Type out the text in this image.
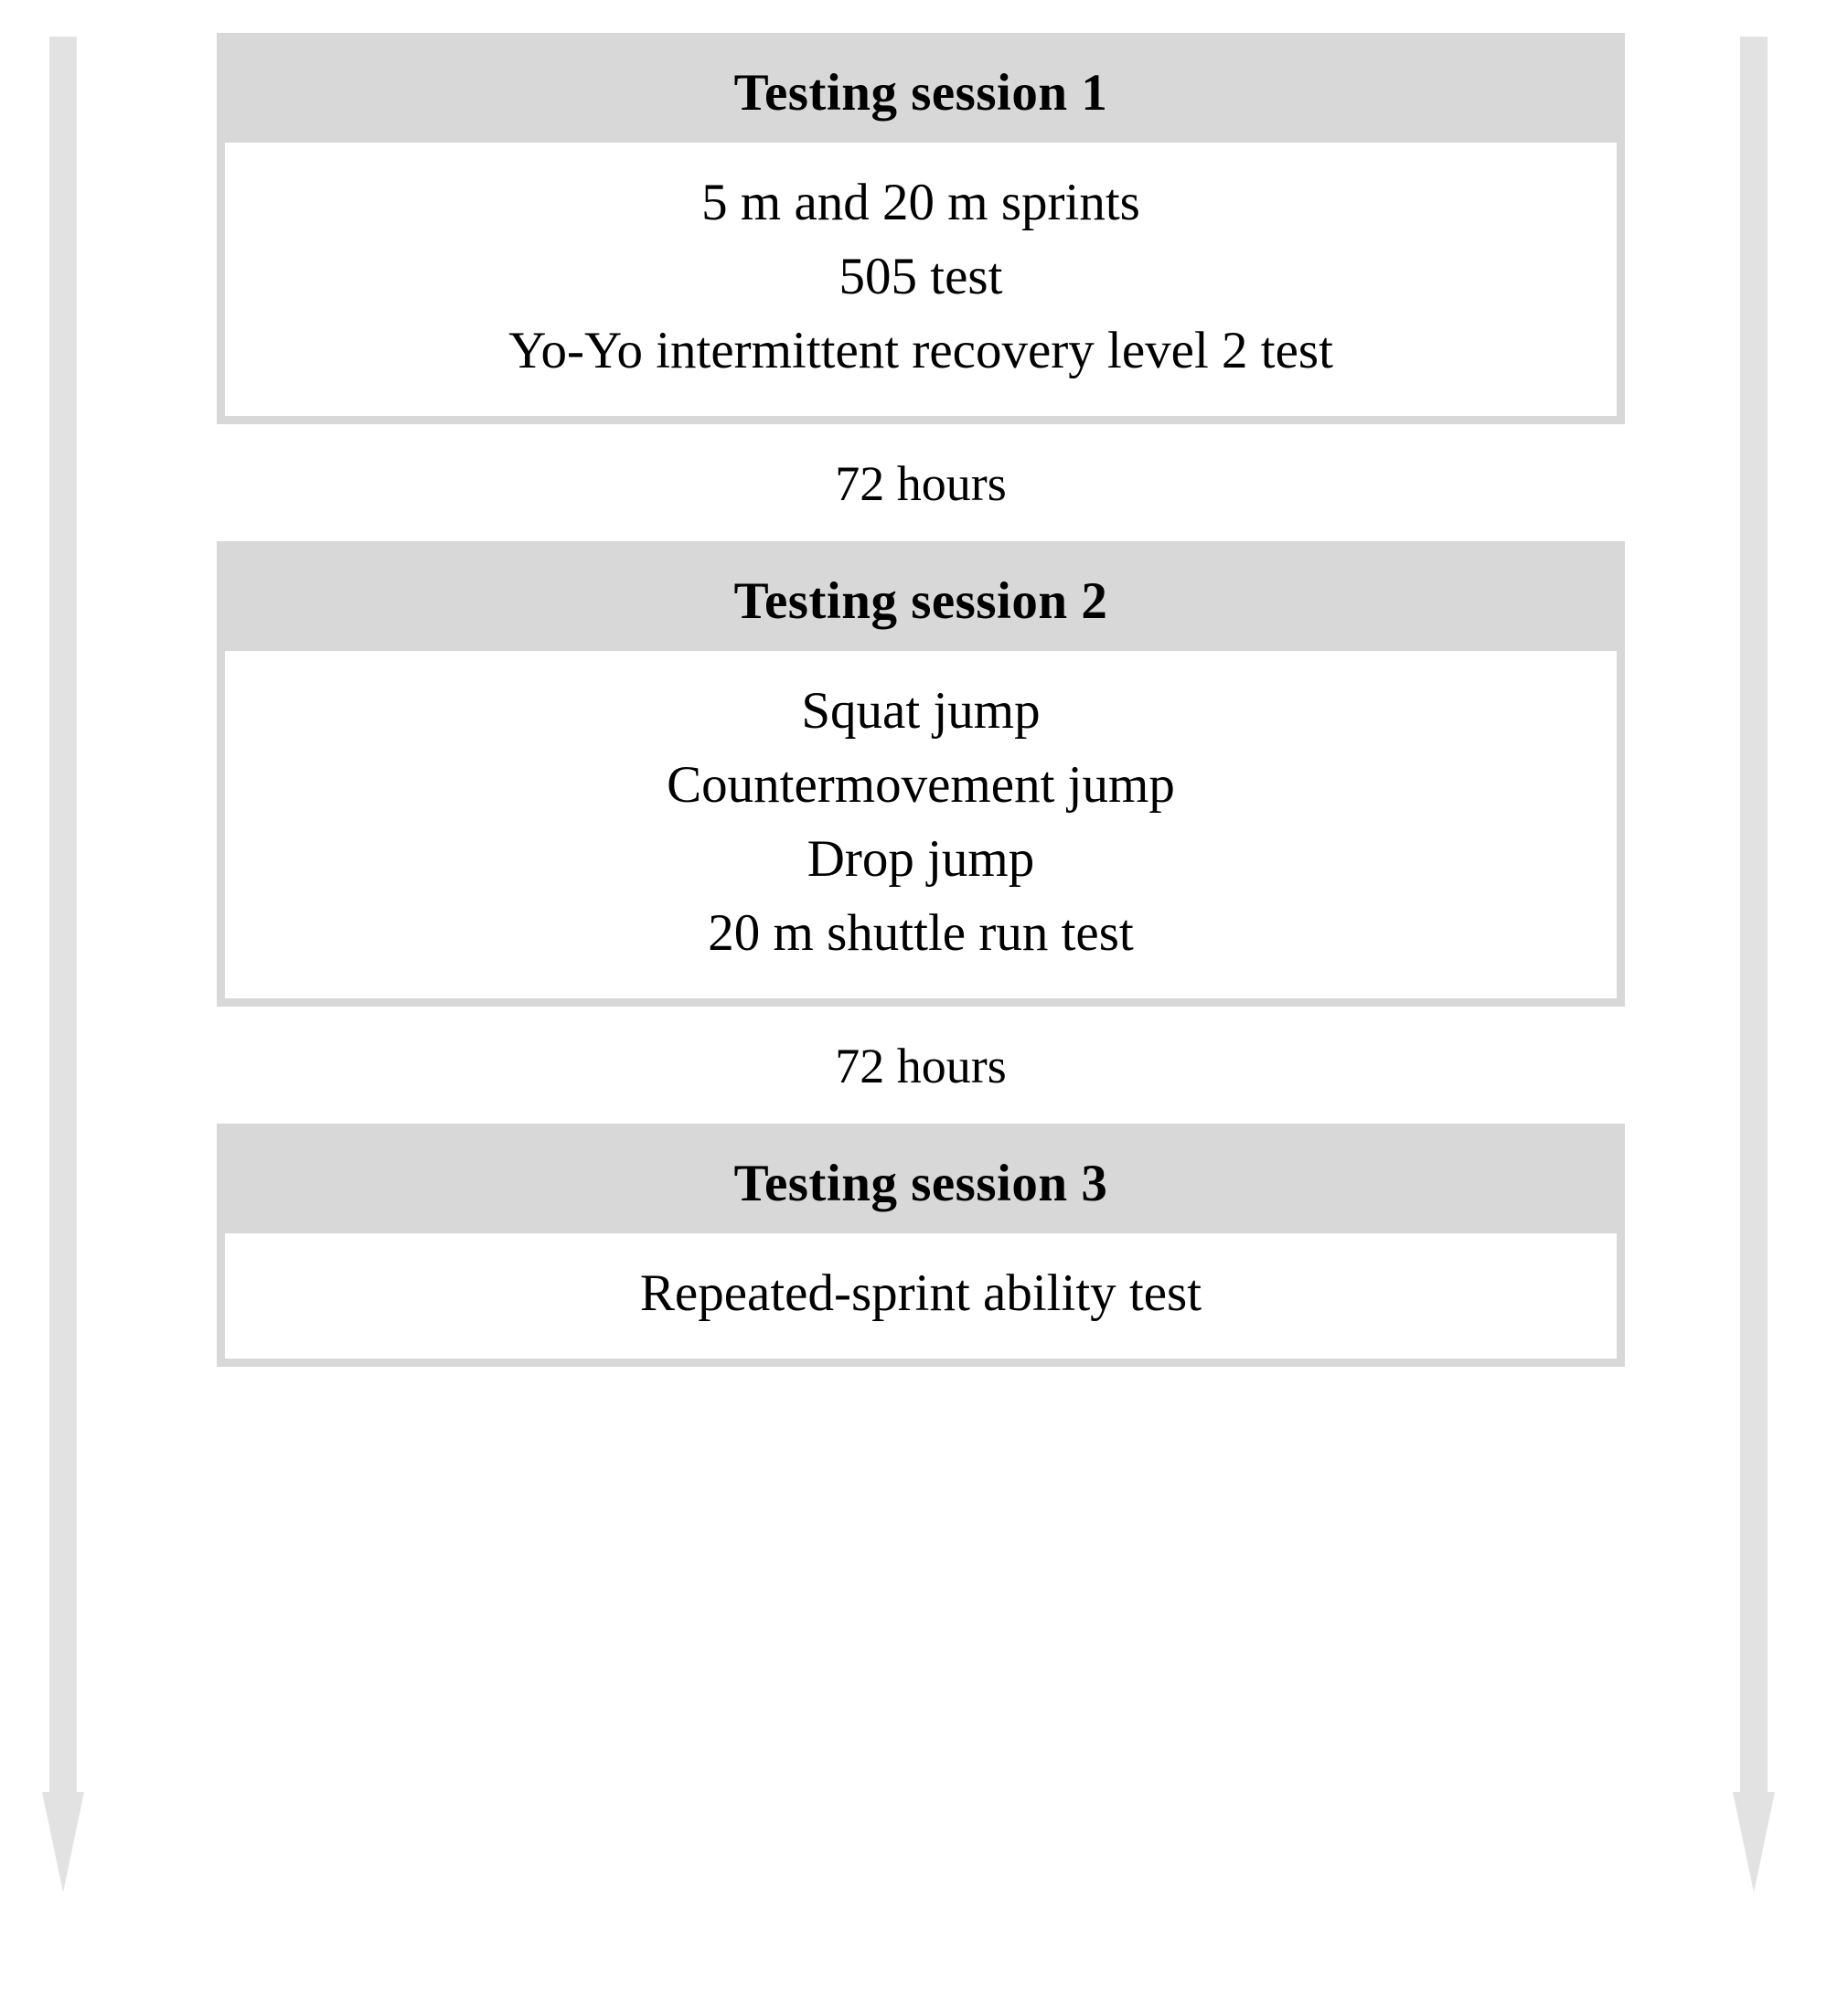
Testing session 1
5 m and 20 m sprints
505 test
Yo-Yo intermittent recovery level 2 test
72 hours
Testing session 2
Squat jump
Countermovement jump
Drop jump
20 m shuttle run test
72 hours
Testing session 3
Repeated-sprint ability test
